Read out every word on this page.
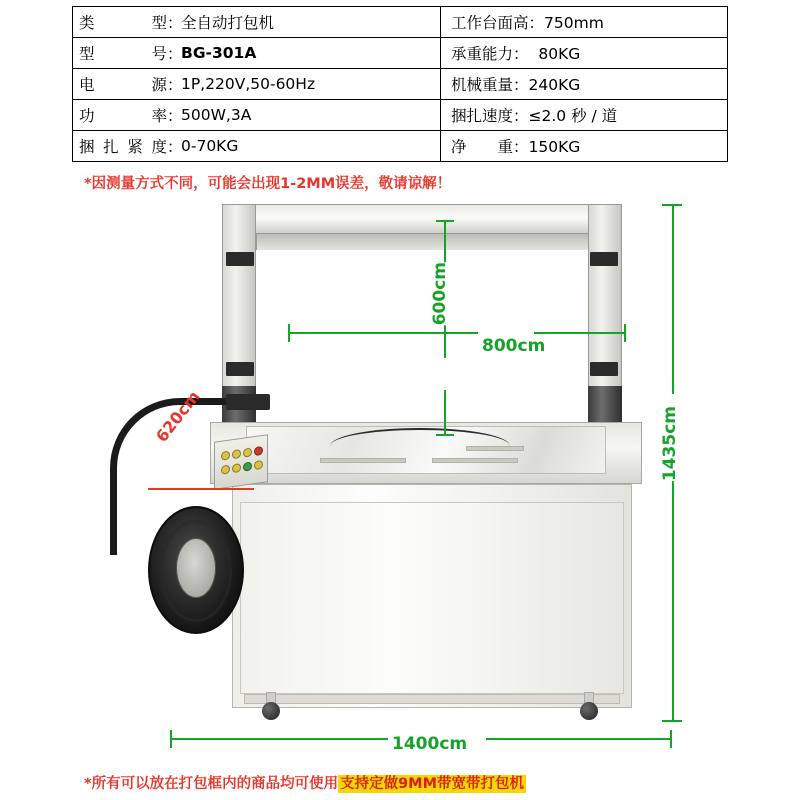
类型	：	全自动打包机	工作台面高：750mm
型号	：	BG-301A	承重能力： 80KG
电源	：	1P,220V,50-60Hz	机械重量：240KG
功率	：	500W,3A	捆扎速度：≤2.0 秒 / 道
捆扎紧度	：	0-70KG	净重：150KG
*因测量方式不同，可能会出现1-2MM误差，敬请谅解！
600cm
800cm
1435cm
1400cm
620cm
*所有可以放在打包框内的商品均可使用 支持定做9MM带宽带打包机
